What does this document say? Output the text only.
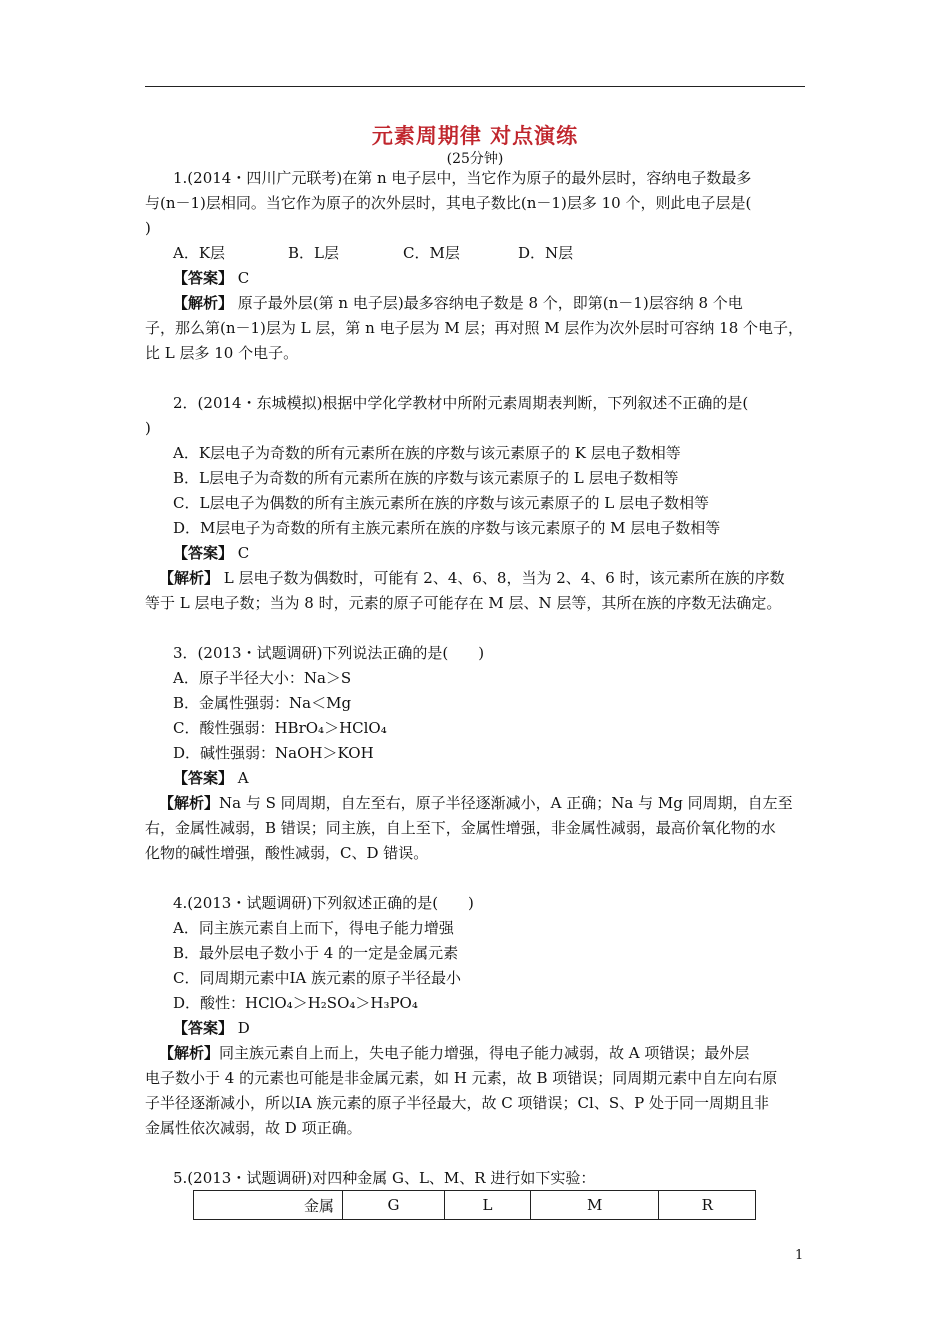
元素周期律 对点演练
(25分钟)

1.(2014・四川广元联考)在第 n 电子层中，当它作为原子的最外层时，容纳电子数最多

与(n－1)层相同。当它作为原子的次外层时，其电子数比(n－1)层多 10 个，则此电子层是(

)

A．K层	B．L层	C．M层	D．N层

【答案】 C

【解析】 原子最外层(第 n 电子层)最多容纳电子数是 8 个，即第(n－1)层容纳 8 个电

子，那么第(n－1)层为 L 层，第 n 电子层为 M 层；再对照 M 层作为次外层时可容纳 18 个电子，

比 L 层多 10 个电子。

2．(2014・东城模拟)根据中学化学教材中所附元素周期表判断，下列叙述不正确的是(

)

A．K层电子为奇数的所有元素所在族的序数与该元素原子的 K 层电子数相等

B．L层电子为奇数的所有元素所在族的序数与该元素原子的 L 层电子数相等

C．L层电子为偶数的所有主族元素所在族的序数与该元素原子的 L 层电子数相等

D．M层电子为奇数的所有主族元素所在族的序数与该元素原子的 M 层电子数相等

【答案】 C

【解析】 L 层电子数为偶数时，可能有 2、4、6、8，当为 2、4、6 时，该元素所在族的序数

等于 L 层电子数；当为 8 时，元素的原子可能存在 M 层、N 层等，其所在族的序数无法确定。

3．(2013・试题调研)下列说法正确的是(　　)

A．原子半径大小：Na＞S

B．金属性强弱：Na＜Mg

C．酸性强弱：HBrO₄＞HClO₄

D．碱性强弱：NaOH＞KOH

【答案】 A

【解析】Na 与 S 同周期，自左至右，原子半径逐渐减小，A 正确；Na 与 Mg 同周期，自左至

右，金属性减弱，B 错误；同主族，自上至下，金属性增强，非金属性减弱，最高价氧化物的水

化物的碱性增强，酸性减弱，C、D 错误。

4.(2013・试题调研)下列叙述正确的是(　　)

A．同主族元素自上而下，得电子能力增强

B．最外层电子数小于 4 的一定是金属元素

C．同周期元素中ⅠA 族元素的原子半径最小

D．酸性：HClO₄＞H₂SO₄＞H₃PO₄

【答案】 D

【解析】同主族元素自上而上，失电子能力增强，得电子能力减弱，故 A 项错误；最外层

电子数小于 4 的元素也可能是非金属元素，如 H 元素，故 B 项错误；同周期元素中自左向右原

子半径逐渐减小，所以ⅠA 族元素的原子半径最大，故 C 项错误；Cl、S、P 处于同一周期且非

金属性依次减弱，故 D 项正确。

5.(2013・试题调研)对四种金属 G、L、M、R 进行如下实验：

金属	G	L	M	R
1
